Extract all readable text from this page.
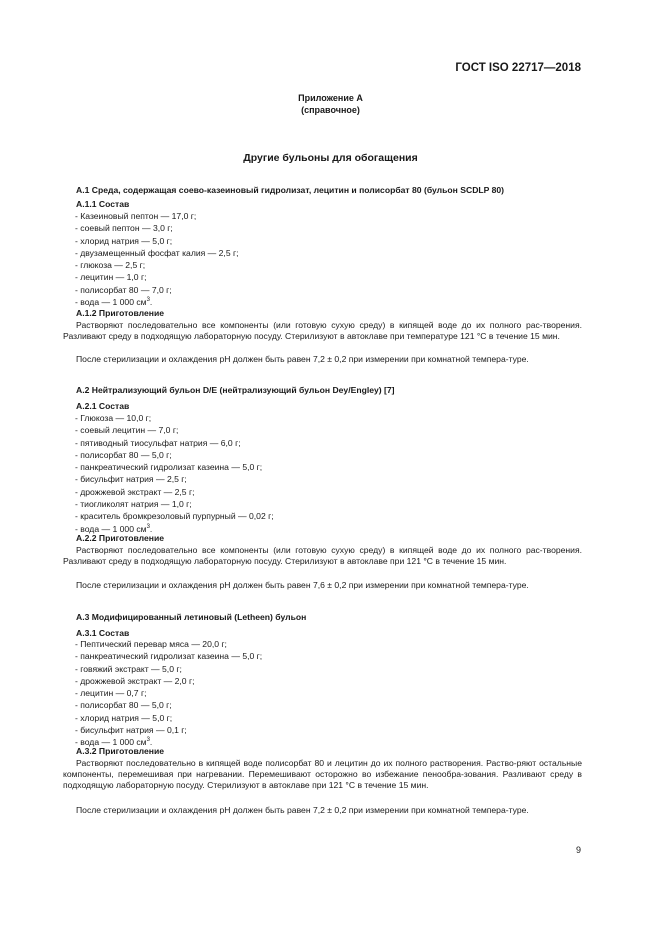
ГОСТ ISO 22717—2018
Приложение А
(справочное)
Другие бульоны для обогащения
А.1 Среда, содержащая соево-казеиновый гидролизат, лецитин и полисорбат 80 (бульон SCDLP 80)
А.1.1 Состав
- Казеиновый пептон — 17,0 г;
- соевый пептон — 3,0 г;
- хлорид натрия — 5,0 г;
- двузамещенный фосфат калия — 2,5 г;
- глюкоза — 2,5 г;
- лецитин — 1,0 г;
- полисорбат 80 — 7,0 г;
- вода — 1 000 $см^3$.
А.1.2 Приготовление
Растворяют последовательно все компоненты (или готовую сухую среду) в кипящей воде до их полного рас-творения. Разливают среду в подходящую лабораторную посуду. Стерилизуют в автоклаве при температуре 121 °С в течение 15 мин.
После стерилизации и охлаждения pH должен быть равен 7,2 ± 0,2 при измерении при комнатной темпера-туре.
А.2 Нейтрализующий бульон D/E (нейтрализующий бульон Dey/Engley) [7]
А.2.1 Состав
- Глюкоза — 10,0 г;
- соевый лецитин — 7,0 г;
- пятиводный тиосульфат натрия — 6,0 г;
- полисорбат 80 — 5,0 г;
- панкреатический гидролизат казеина — 5,0 г;
- бисульфит натрия — 2,5 г;
- дрожжевой экстракт — 2,5 г;
- тиогликолят натрия — 1,0 г;
- краситель бромкрезоловый пурпурный — 0,02 г;
- вода — 1 000 $см^3$.
А.2.2 Приготовление
Растворяют последовательно все компоненты (или готовую сухую среду) в кипящей воде до их полного рас-творения. Разливают среду в подходящую лабораторную посуду. Стерилизуют в автоклаве при 121 °С в течение 15 мин.
После стерилизации и охлаждения pH должен быть равен 7,6 ± 0,2 при измерении при комнатной темпера-туре.
А.3 Модифицированный летиновый (Letheen) бульон
А.3.1 Состав
- Пептический перевар мяса — 20,0 г;
- панкреатический гидролизат казеина — 5,0 г;
- говяжий экстракт — 5,0 г;
- дрожжевой экстракт — 2,0 г;
- лецитин — 0,7 г;
- полисорбат 80 — 5,0 г;
- хлорид натрия — 5,0 г;
- бисульфит натрия — 0,1 г;
- вода — 1 000 $см^3$.
А.3.2 Приготовление
Растворяют последовательно в кипящей воде полисорбат 80 и лецитин до их полного растворения. Раство-ряют остальные компоненты, перемешивая при нагревании. Перемешивают осторожно во избежание пенообра-зования. Разливают среду в подходящую лабораторную посуду. Стерилизуют в автоклаве при 121 °С в течение 15 мин.
После стерилизации и охлаждения pH должен быть равен 7,2 ± 0,2 при измерении при комнатной темпера-туре.
9
